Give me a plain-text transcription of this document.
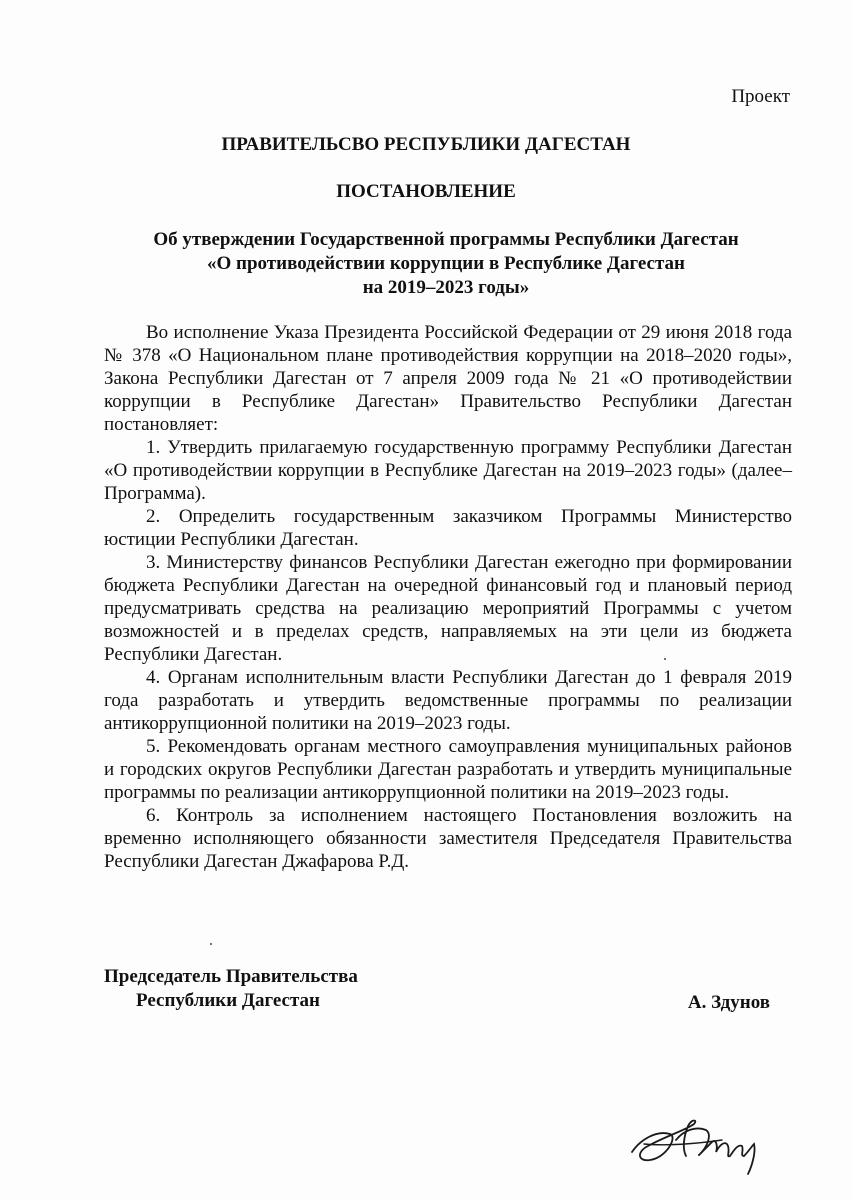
Проект
ПРАВИТЕЛЬСВО РЕСПУБЛИКИ ДАГЕСТАН
ПОСТАНОВЛЕНИЕ
Об утверждении Государственной программы Республики Дагестан
«О противодействии коррупции в Республике Дагестан
на 2019–2023 годы»

Во исполнение Указа Президента Российской Федерации от 29 июня 2018 года № 378 «О Национальном плане противодействия коррупции на 2018–2020 годы», Закона Республики Дагестан от 7 апреля 2009 года № 21 «О противодействии коррупции в Республике Дагестан» Правительство Республики Дагестан постановляет:

1. Утвердить прилагаемую государственную программу Республики Дагестан «О противодействии коррупции в Республике Дагестан на 2019–2023 годы» (далее–Программа).

2. Определить государственным заказчиком Программы Министерство юстиции Республики Дагестан.

3. Министерству финансов Республики Дагестан ежегодно при формировании бюджета Республики Дагестан на очередной финансовый год и плановый период предусматривать средства на реализацию мероприятий Программы с учетом возможностей и в пределах средств, направляемых на эти цели из бюджета Республики Дагестан.

4. Органам исполнительным власти Республики Дагестан до 1 февраля 2019 года разработать и утвердить ведомственные программы по реализации антикоррупционной политики на 2019–2023 годы.

5. Рекомендовать органам местного самоуправления муниципальных районов и городских округов Республики Дагестан разработать и утвердить муниципальные программы по реализации антикоррупционной политики на 2019–2023 годы.

6. Контроль за исполнением настоящего Постановления возложить на временно исполняющего обязанности заместителя Председателя Правительства Республики Дагестан Джафарова Р.Д.

Председатель Правительства
Республики Дагестан	А. Здунов
